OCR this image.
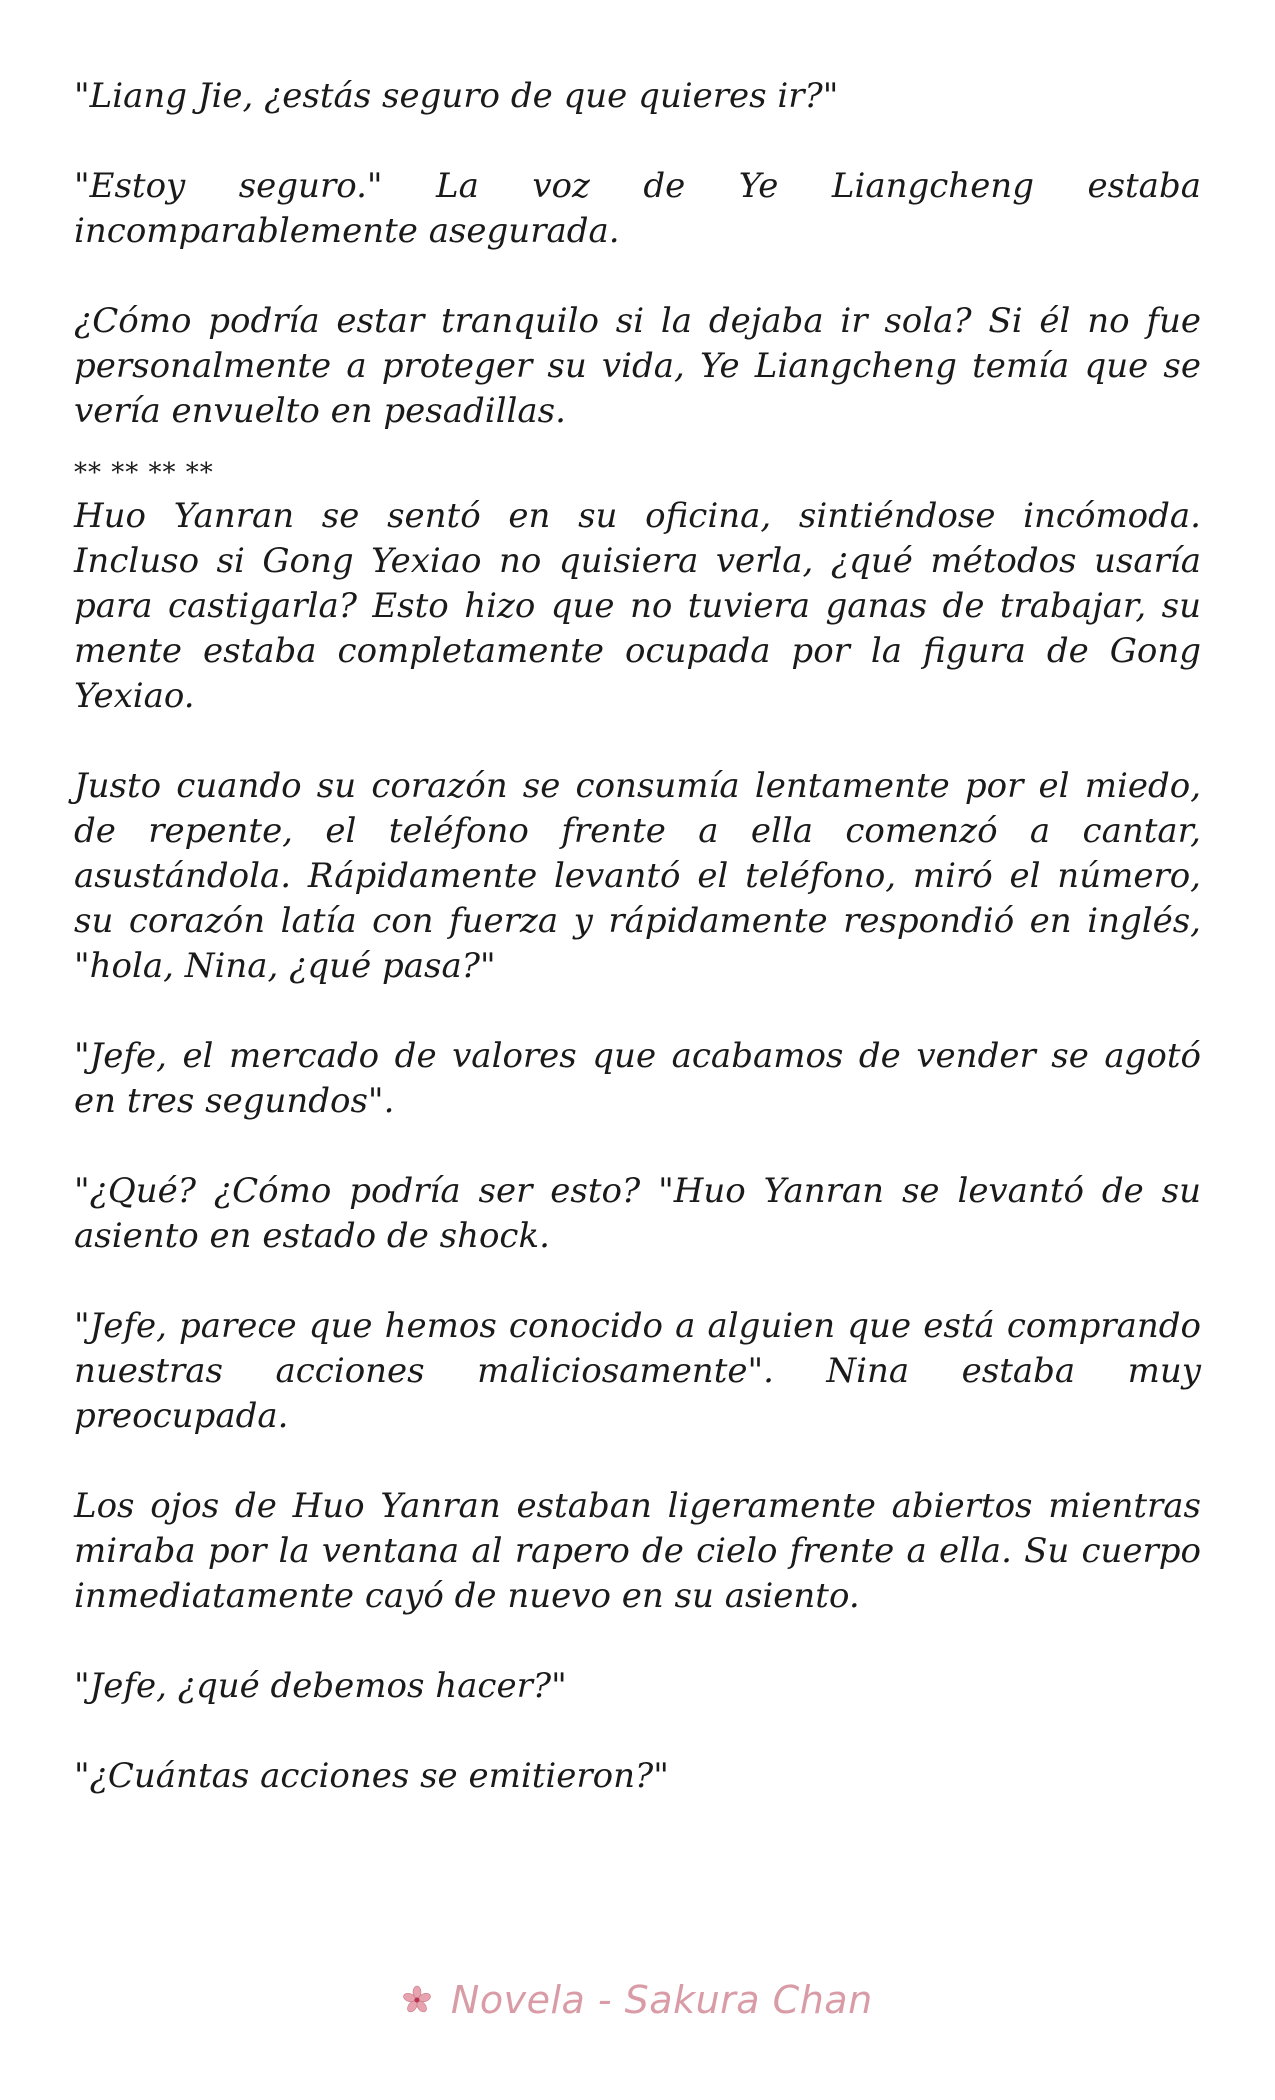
"Liang Jie, ¿estás seguro de que quieres ir?"

"Estoy seguro." La voz de Ye Liangcheng estaba incomparablemente asegurada.

¿Cómo podría estar tranquilo si la dejaba ir sola? Si él no fue personalmente a proteger su vida, Ye Liangcheng temía que se vería envuelto en pesadillas.

** ** ** **

Huo Yanran se sentó en su oficina, sintiéndose incómoda. Incluso si Gong Yexiao no quisiera verla, ¿qué métodos usaría para castigarla? Esto hizo que no tuviera ganas de trabajar, su mente estaba completamente ocupada por la figura de Gong Yexiao.

Justo cuando su corazón se consumía lentamente por el miedo, de repente, el teléfono frente a ella comenzó a cantar, asustándola. Rápidamente levantó el teléfono, miró el número, su corazón latía con fuerza y rápidamente respondió en inglés, "hola, Nina, ¿qué pasa?"

"Jefe, el mercado de valores que acabamos de vender se agotó en tres segundos".

"¿Qué? ¿Cómo podría ser esto? "Huo Yanran se levantó de su asiento en estado de shock.

"Jefe, parece que hemos conocido a alguien que está comprando nuestras acciones maliciosamente". Nina estaba muy preocupada.

Los ojos de Huo Yanran estaban ligeramente abiertos mientras miraba por la ventana al rapero de cielo frente a ella. Su cuerpo inmediatamente cayó de nuevo en su asiento.

"Jefe, ¿qué debemos hacer?"

"¿Cuántas acciones se emitieron?"

Novela - Sakura Chan
